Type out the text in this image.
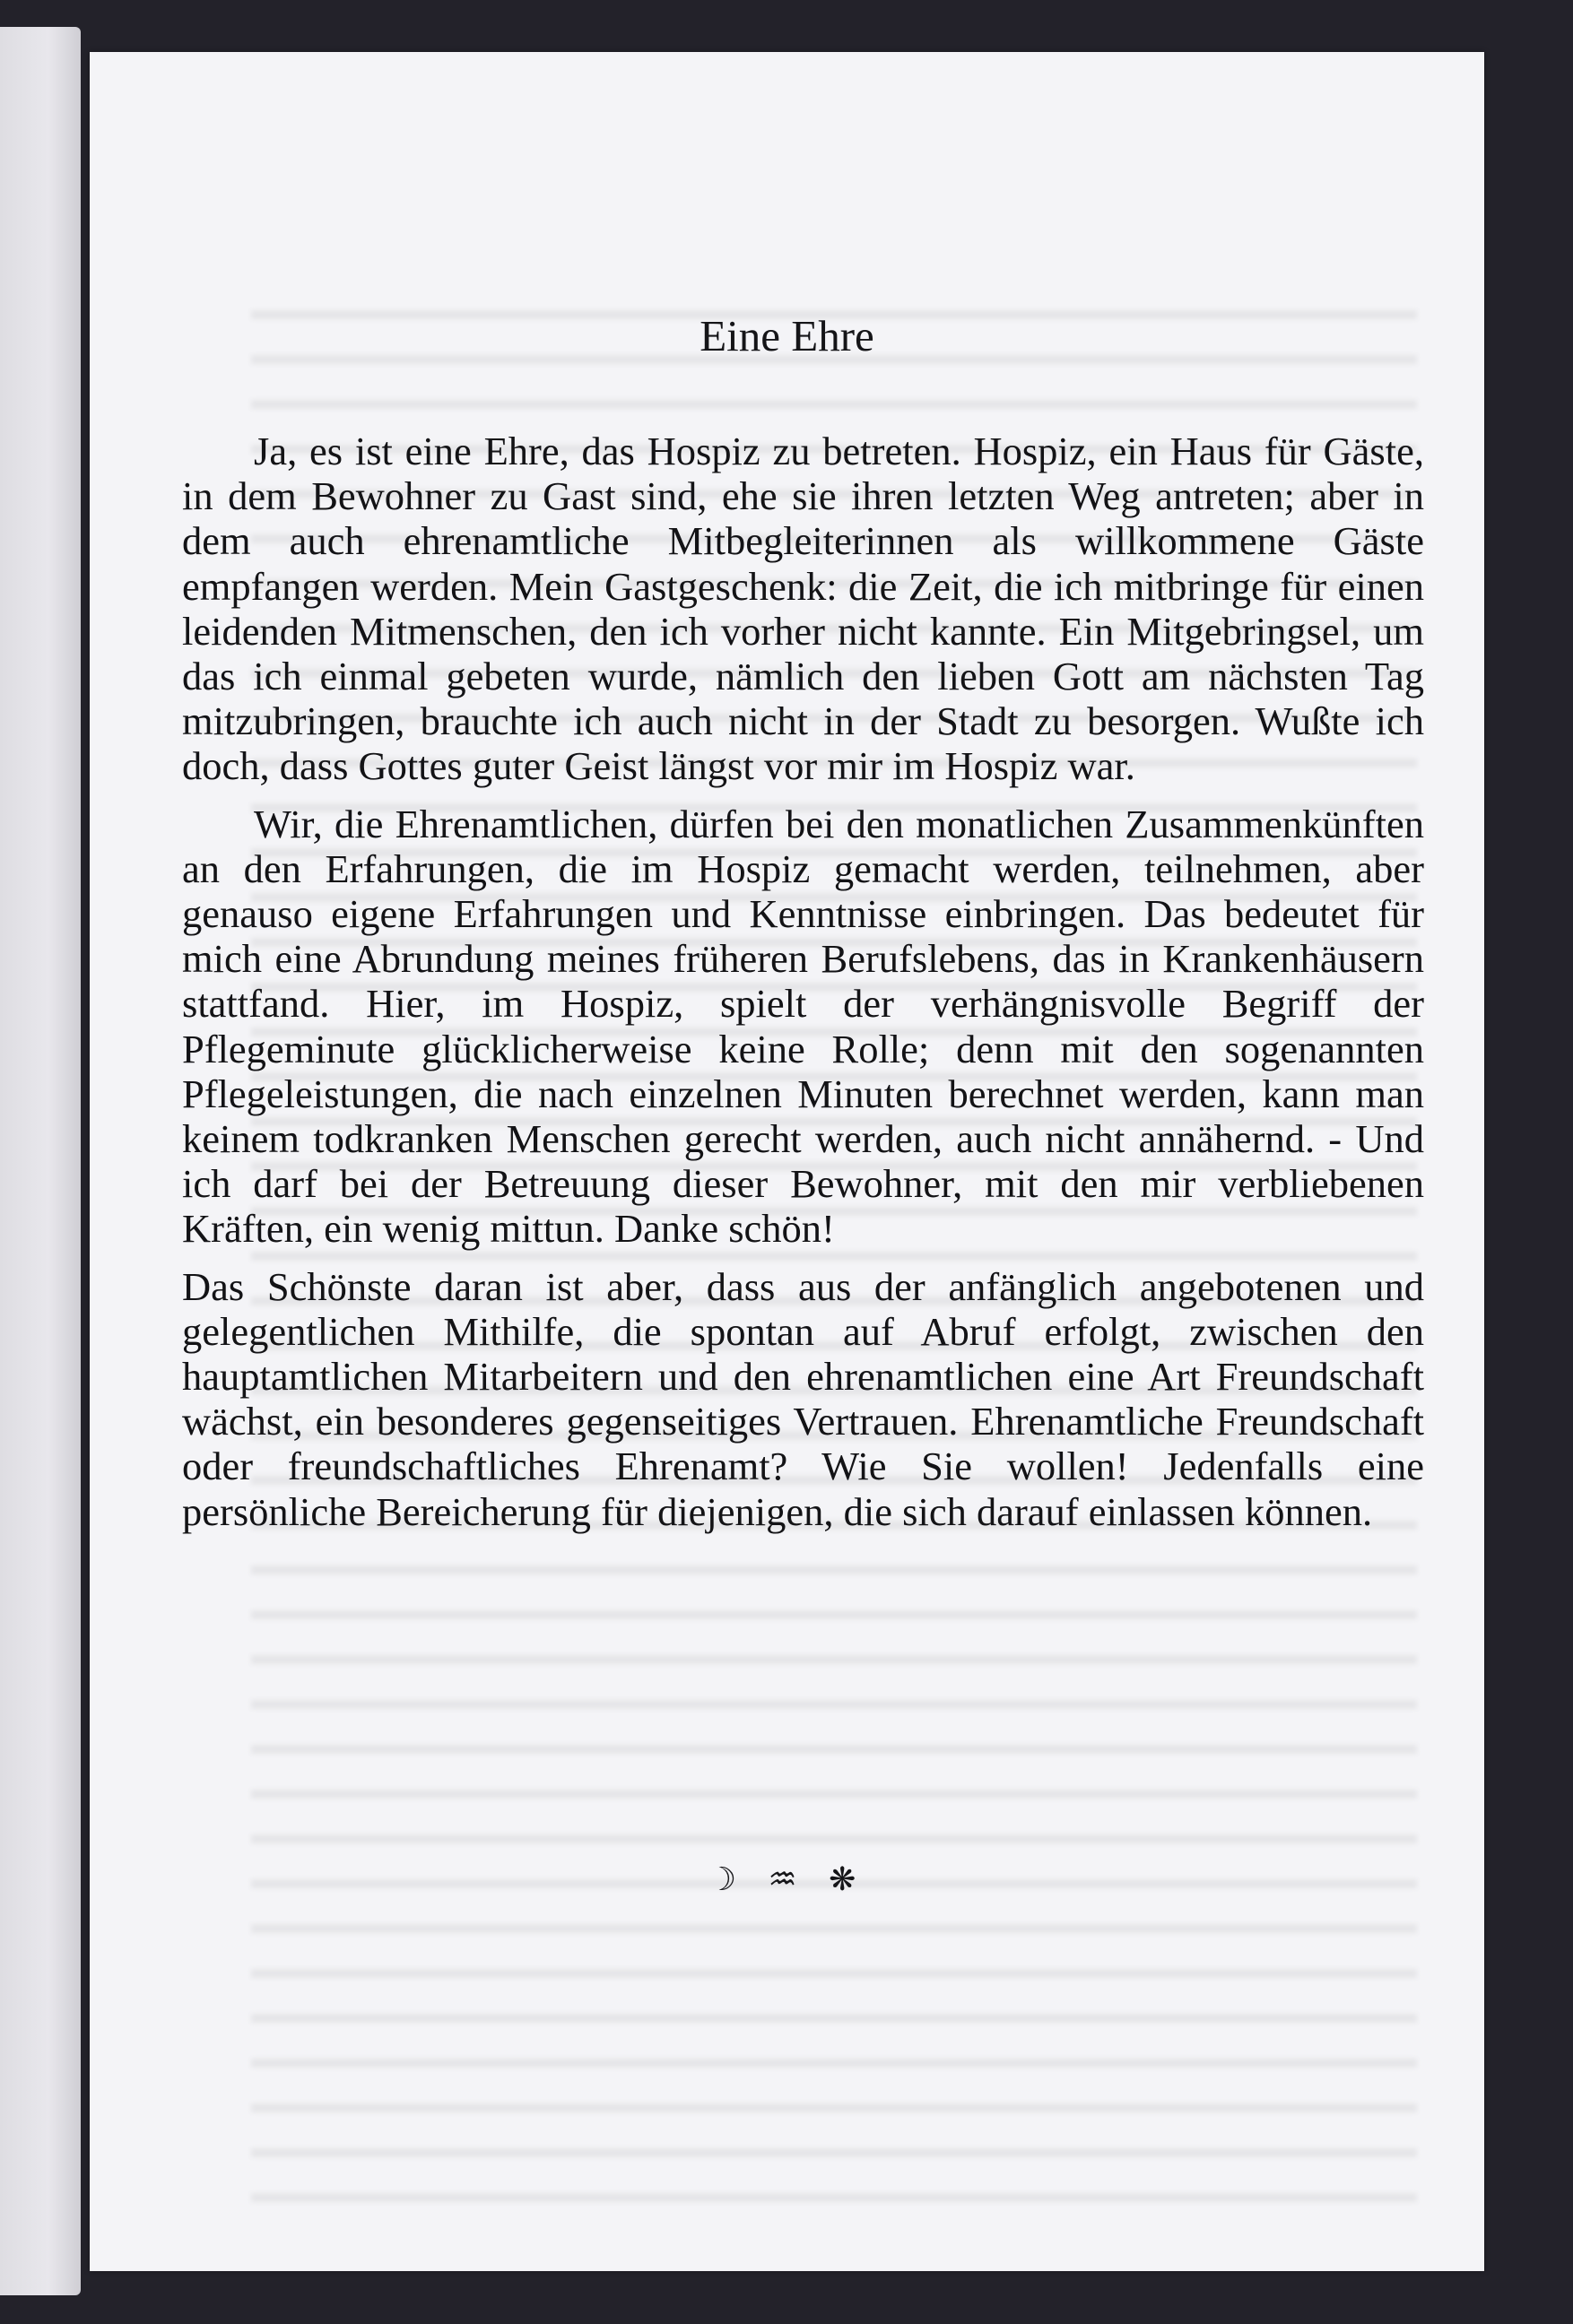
Eine Ehre

Ja, es ist eine Ehre, das Hospiz zu betreten. Hospiz, ein Haus für Gäste, in dem Bewohner zu Gast sind, ehe sie ihren letzten Weg antreten; aber in dem auch ehrenamtliche Mitbegleiterinnen als willkommene Gäste empfangen werden. Mein Gastgeschenk: die Zeit, die ich mitbringe für einen leidenden Mitmenschen, den ich vorher nicht kannte. Ein Mitgebringsel, um das ich einmal gebeten wurde, nämlich den lieben Gott am nächsten Tag mitzubringen, brauchte ich auch nicht in der Stadt zu besorgen. Wußte ich doch, dass Gottes guter Geist längst vor mir im Hospiz war.

Wir, die Ehrenamtlichen, dürfen bei den monatlichen Zusammenkünften an den Erfahrungen, die im Hospiz gemacht werden, teilnehmen, aber genauso eigene Erfahrungen und Kenntnisse einbringen. Das bedeutet für mich eine Abrundung meines früheren Berufslebens, das in Krankenhäusern stattfand. Hier, im Hospiz, spielt der verhängnisvolle Begriff der Pflegeminute glücklicherweise keine Rolle; denn mit den sogenannten Pflegeleistungen, die nach einzelnen Minuten berechnet werden, kann man keinem todkranken Menschen gerecht werden, auch nicht annähernd. - Und ich darf bei der Betreuung dieser Bewohner, mit den mir verbliebenen Kräften, ein wenig mittun. Danke schön!

Das Schönste daran ist aber, dass aus der anfänglich angebotenen und gelegentlichen Mithilfe, die spontan auf Abruf erfolgt, zwischen den hauptamtlichen Mitarbeitern und den ehrenamtlichen eine Art Freundschaft wächst, ein besonderes gegenseitiges Vertrauen. Ehrenamtliche Freundschaft oder freundschaftliches Ehrenamt? Wie Sie wollen! Jedenfalls eine persönliche Bereicherung für diejenigen, die sich darauf einlassen können.

☽ ♒ ❋
